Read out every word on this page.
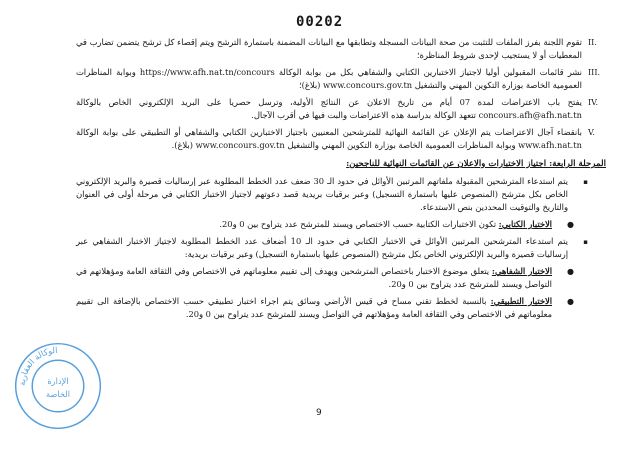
00202
II.
تقوم اللجنة بفرز الملفات للتثبت من صحة البيانات المسجلة وتطابقها مع البيانات المضمنة باستمارة الترشح ويتم إقصاء كل ترشح يتضمن تضارب في المعطيات أو لا يستجيب لإحدى شروط المناظرة؛
III.
نشر قائمات المقبولين أوليا لاجتياز الاختبارين الكتابي والشفاهي بكل من بوابة الوكالة https://www.afh.nat.tn/concours وبوابة المناظرات العمومية الخاصة بوزارة التكوين المهني والتشغيل www.concours.gov.tn (بلاغ)؛
IV.
يفتح باب الاعتراضات لمدة 07 أيام من تاريخ الاعلان عن النتائج الأولية، وترسل حصريا على البريد الإلكتروني الخاص بالوكالة concours.afh@afh.nat.tn تتعهد الوكالة بدراسة هذه الاعتراضات والبت فيها في أقرب الآجال.
V.
بانقضاء آجال الاعتراضات يتم الإعلان عن القائمة النهائية للمترشحين المعنيين باجتياز الاختبارين الكتابي والشفاهي أو التطبيقي على بوابة الوكالة www.afh.nat.tn وبوابة المناظرات العمومية الخاصة بوزارة التكوين المهني والتشغيل www.concours.gov.tn (بلاغ).
المرحلة الرابعة: اجتياز الاختبارات والاعلان عن القائمات النهائية للناجحين:
▪
يتم استدعاء المترشحين المقبولة ملفاتهم المرتبين الأوائل في حدود الـ 30 ضعف عدد الخطط المطلوبة عبر إرساليات قصيرة والبريد الإلكتروني الخاص بكل مترشح (المنصوص عليها باستمارة التسجيل) وعبر برقيات بريدية قصد دعوتهم لاجتياز الاختبار الكتابي في مرحلة أولى في العنوان والتاريخ والتوقيت المحددين بنص الاستدعاء.
●
الاختبار الكتابي: تكون الاختبارات الكتابية حسب الاختصاص ويسند للمترشح عدد يتراوح بين 0 و20.
▪
يتم استدعاء المترشحين المرتبين الأوائل في الاختبار الكتابي في حدود الـ 10 أضعاف عدد الخطط المطلوبة لاجتياز الاختبار الشفاهي عبر إرساليات قصيرة والبريد الإلكتروني الخاص بكل مترشح (المنصوص عليها باستمارة التسجيل) وعبر برقيات بريدية:
●
الاختبار الشفاهي: يتعلق موضوع الاختبار باختصاص المترشحين ويهدف إلى تقييم معلوماتهم في الاختصاص وفي الثقافة العامة ومؤهلاتهم في التواصل ويسند للمترشح عدد يتراوح بين 0 و20.
●
الاختبار التطبيقي: بالنسبة لخطط تقني مساح في قيس الأراضي وسائق يتم اجراء اختبار تطبيقي حسب الاختصاص بالإضافة الى تقييم معلوماتهم في الاختصاص وفي الثقافة العامة ومؤهلاتهم في التواصل ويسند للمترشح عدد يتراوح بين 0 و20.
الوكالة العقارية
الإدارة
الخاصة
9
